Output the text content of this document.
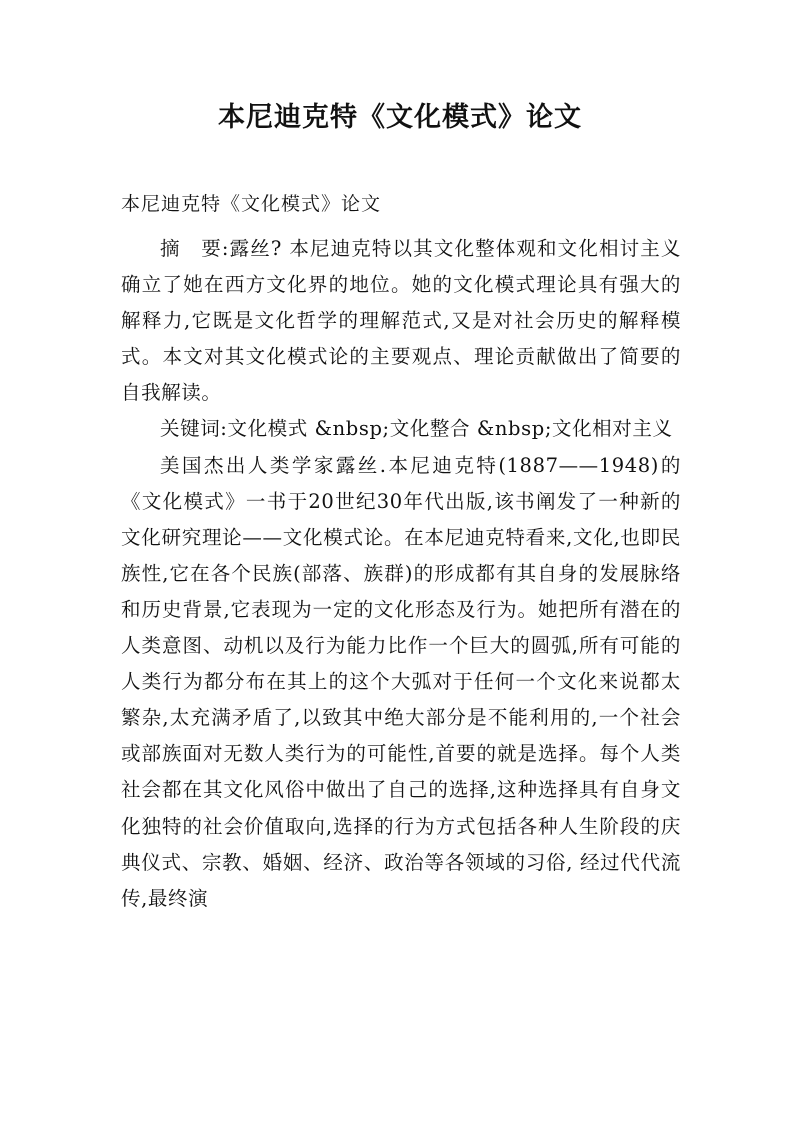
本尼迪克特《文化模式》论文

本尼迪克特《文化模式》论文

摘　要:露丝? 本尼迪克特以其文化整体观和文化相讨主义确立了她在西方文化界的地位。她的文化模式理论具有强大的解释力,它既是文化哲学的理解范式,又是对社会历史的解释模式。本文对其文化模式论的主要观点、理论贡献做出了简要的自我解读。

关键词:文化模式 &nbsp;文化整合 &nbsp;文化相对主义

美国杰出人类学家露丝.本尼迪克特(1887——1948)的《文化模式》一书于20世纪30年代出版,该书阐发了一种新的文化研究理论——文化模式论。在本尼迪克特看来,文化,也即民族性,它在各个民族(部落、族群)的形成都有其自身的发展脉络和历史背景,它表现为一定的文化形态及行为。她把所有潜在的人类意图、动机以及行为能力比作一个巨大的圆弧,所有可能的人类行为都分布在其上的这个大弧对于任何一个文化来说都太繁杂,太充满矛盾了,以致其中绝大部分是不能利用的,一个社会或部族面对无数人类行为的可能性,首要的就是选择。每个人类社会都在其文化风俗中做出了自己的选择,这种选择具有自身文化独特的社会价值取向,选择的行为方式包括各种人生阶段的庆典仪式、宗教、婚姻、经济、政治等各领域的习俗, 经过代代流传,最终演
